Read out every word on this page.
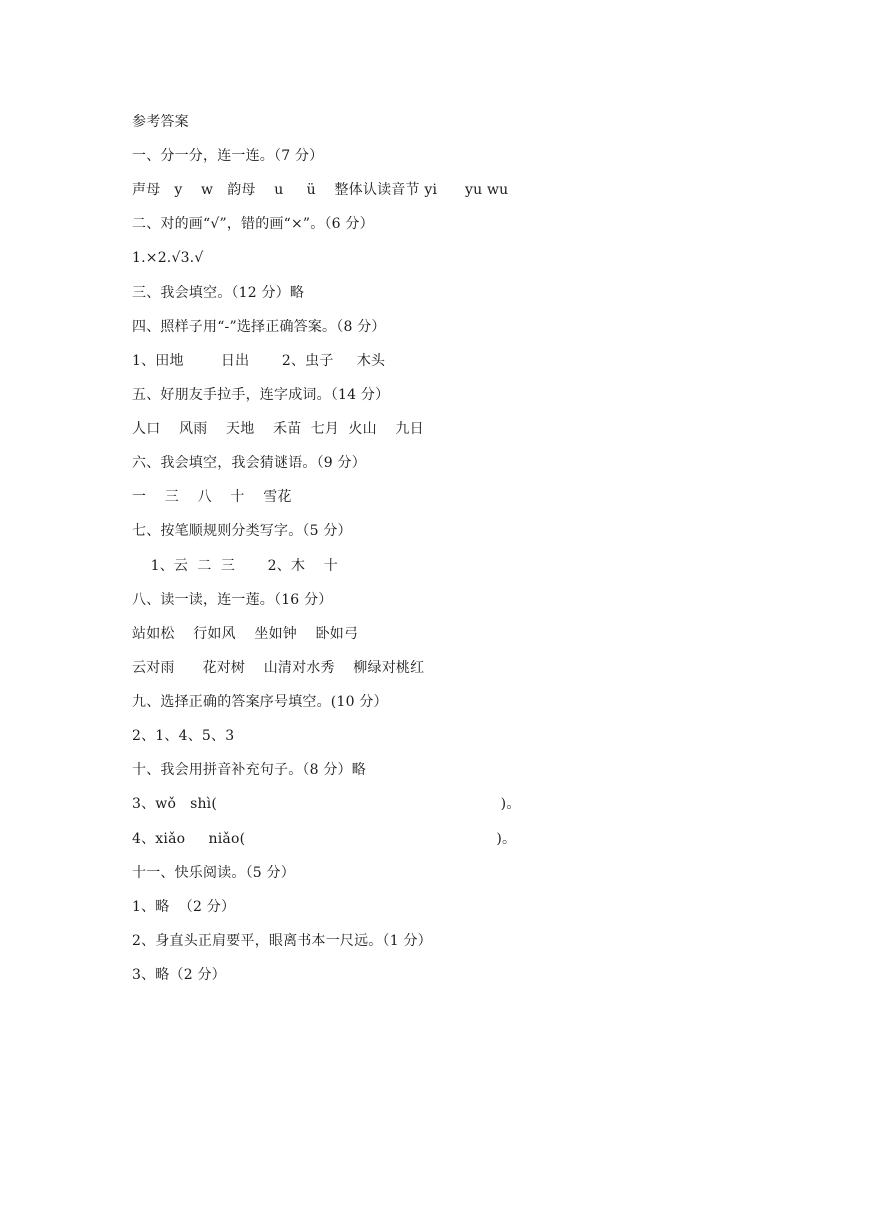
参考答案
一、分一分，连一连。（7 分）
声母   y    w   韵母    u     ü    整体认读音节 yi      yu wu
二、对的画“√”，错的画“×”。（6 分）
1.×2.√3.√
三、我会填空。（12 分）略
四、照样子用“-”选择正确答案。（8 分）
1、田地        日出       2、虫子     木头
五、好朋友手拉手，连字成词。（14 分）
人口    风雨    天地    禾苗  七月  火山    九日
六、我会填空，我会猜谜语。（9 分）
一    三    八    十    雪花
七、按笔顺规则分类写字。（5 分）
1、云  二  三       2、木    十
八、读一读，连一莲。（16 分）
站如松    行如风    坐如钟    卧如弓
云对雨      花对树    山清对水秀    柳绿对桃红
九、选择正确的答案序号填空。(10 分）
2、1、4、5、3
十、我会用拼音补充句子。（8 分）略
3、wǒ   shì(                                                             )。
4、xiǎo     niǎo(                                                      )。
十一、快乐阅读。（5 分）
1、略  （2 分）
2、身直头正肩要平，眼离书本一尺远。（1 分）
3、略（2 分）
